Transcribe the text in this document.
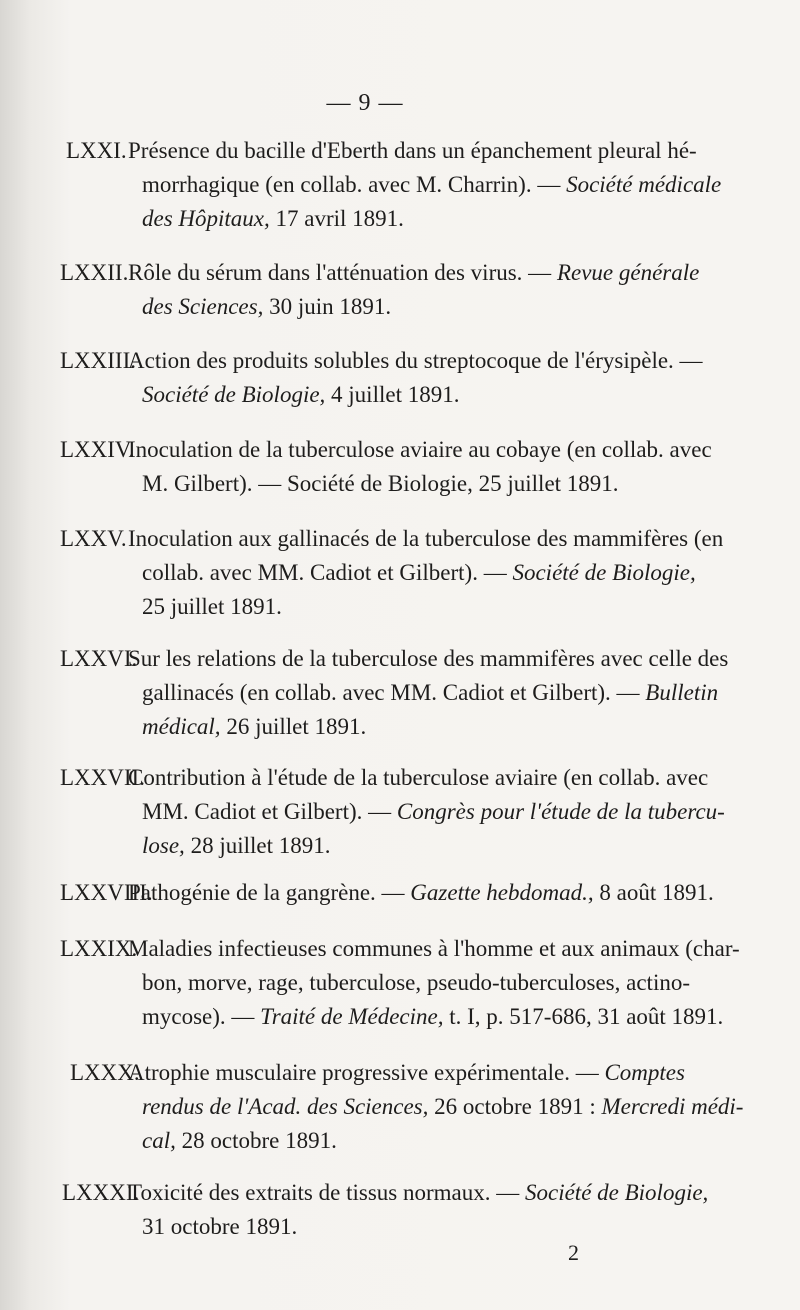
— 9 —
LXXI. Présence du bacille d'Eberth dans un épanchement pleural hé-
morrhagique (en collab. avec M. Charrin). — Société médicale
des Hôpitaux, 17 avril 1891.
LXXII. Rôle du sérum dans l'atténuation des virus. — Revue générale
des Sciences, 30 juin 1891.
LXXIII.
Action des produits solubles du streptocoque de l'érysipèle. —
Société de Biologie, 4 juillet 1891.
LXXIV.
Inoculation de la tuberculose aviaire au cobaye (en collab. avec
M. Gilbert). — Société de Biologie, 25 juillet 1891.
LXXV. Inoculation aux gallinacés de la tuberculose des mammifères (en
collab. avec MM. Cadiot et Gilbert). — Société de Biologie,
25 juillet 1891.
LXXVI.
Sur les relations de la tuberculose des mammifères avec celle des
gallinacés (en collab. avec MM. Cadiot et Gilbert). — Bulletin
médical, 26 juillet 1891.
LXXVII.
Contribution à l'étude de la tuberculose aviaire (en collab. avec
MM. Cadiot et Gilbert). — Congrès pour l'étude de la tubercu-
lose, 28 juillet 1891.
LXXVIII.
Pathogénie de la gangrène. — Gazette hebdomad., 8 août 1891.
LXXIX.
Maladies infectieuses communes à l'homme et aux animaux (char-
bon, morve, rage, tuberculose, pseudo-tuberculoses, actino-
mycose). — Traité de Médecine, t. I, p. 517-686, 31 août 1891.
LXXX.
Atrophie musculaire progressive expérimentale. — Comptes
rendus de l'Acad. des Sciences, 26 octobre 1891 : Mercredi médi-
cal, 28 octobre 1891.
LXXXI.
Toxicité des extraits de tissus normaux. — Société de Biologie,
31 octobre 1891.
2
